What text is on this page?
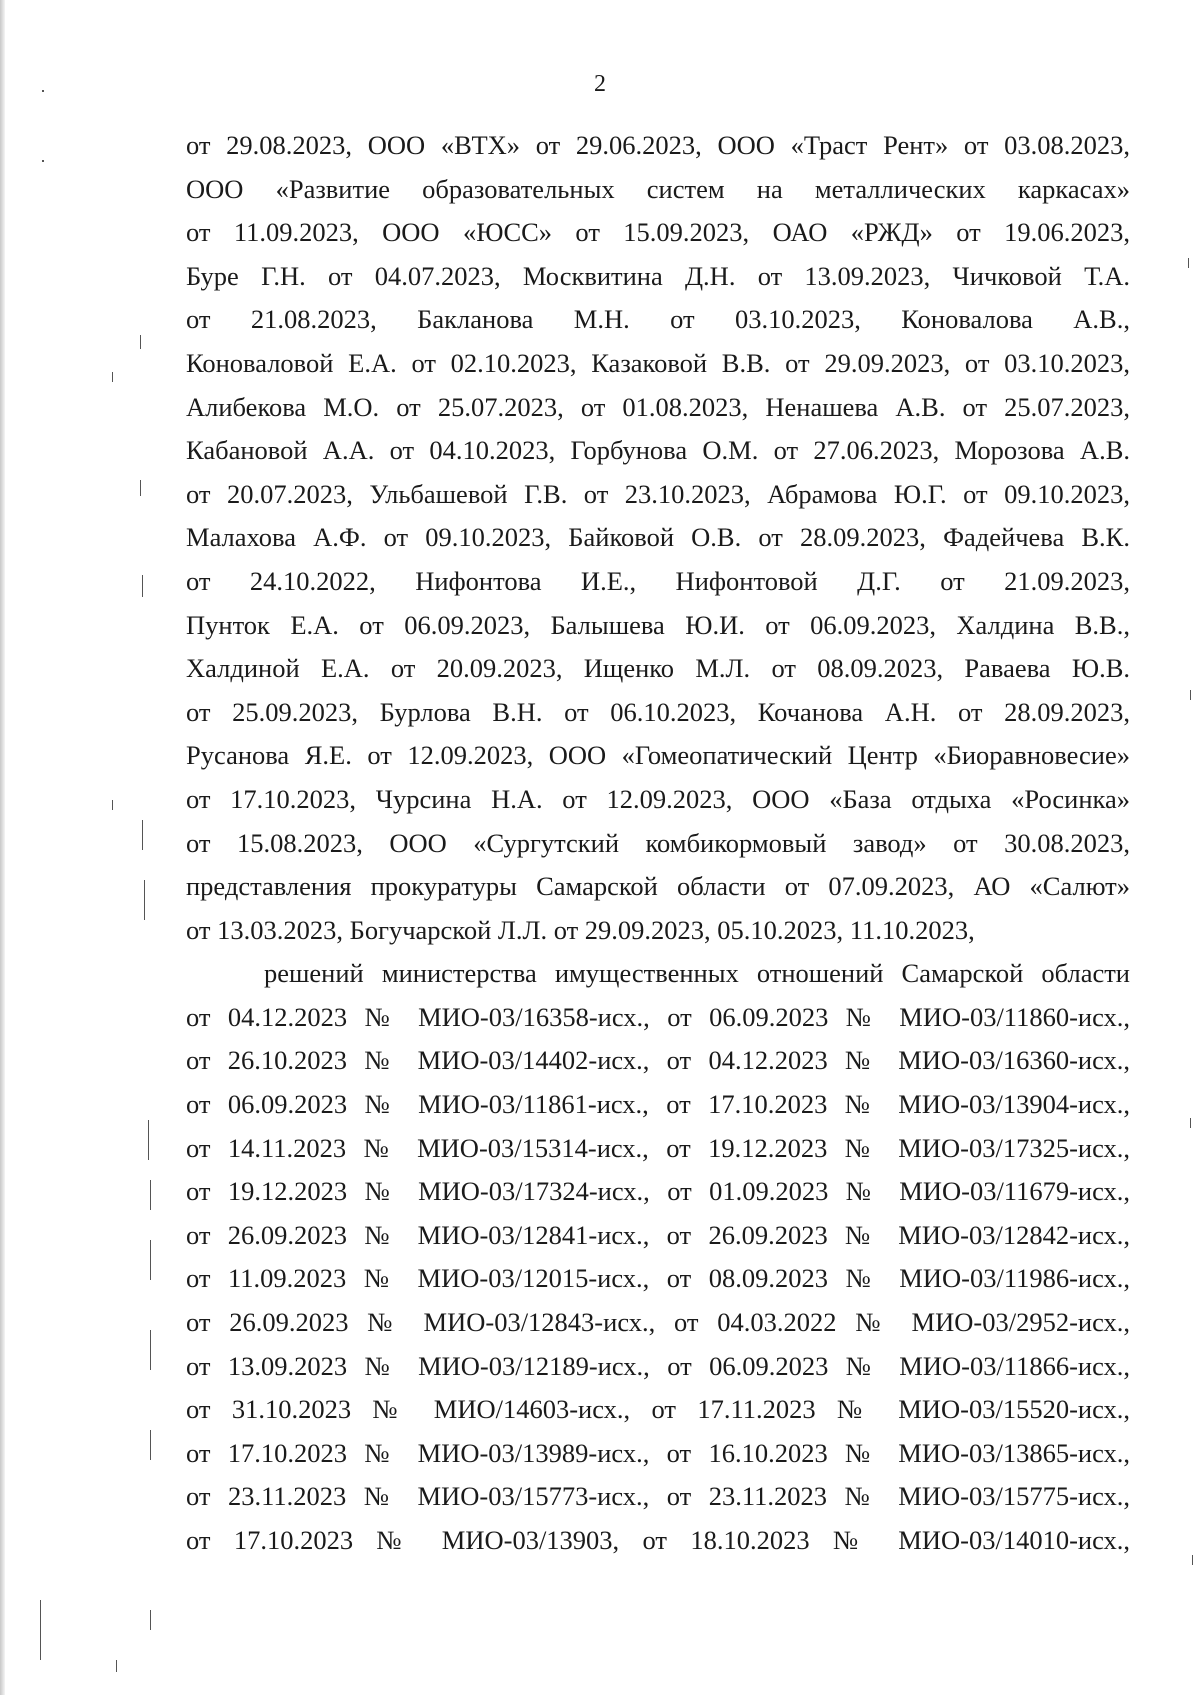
2

от 29.08.2023, ООО «ВТХ» от 29.06.2023, ООО «Траст Рент» от 03.08.2023,
ООО «Развитие образовательных систем на металлических каркасах»
от 11.09.2023, ООО «ЮСС» от 15.09.2023, ОАО «РЖД» от 19.06.2023,
Буре Г.Н. от 04.07.2023, Москвитина Д.Н. от 13.09.2023, Чичковой Т.А.
от 21.08.2023, Бакланова М.Н. от 03.10.2023, Коновалова А.В.,
Коноваловой Е.А. от 02.10.2023, Казаковой В.В. от 29.09.2023, от 03.10.2023,
Алибекова М.О. от 25.07.2023, от 01.08.2023, Ненашева А.В. от 25.07.2023,
Кабановой А.А. от 04.10.2023, Горбунова О.М. от 27.06.2023, Морозова А.В.
от 20.07.2023, Ульбашевой Г.В. от 23.10.2023, Абрамова Ю.Г. от 09.10.2023,
Малахова А.Ф. от 09.10.2023, Байковой О.В. от 28.09.2023, Фадейчева В.К.
от 24.10.2022, Нифонтова И.Е., Нифонтовой Д.Г. от 21.09.2023,
Пунток Е.А. от 06.09.2023, Балышева Ю.И. от 06.09.2023, Халдина В.В.,
Халдиной Е.А. от 20.09.2023, Ищенко М.Л. от 08.09.2023, Раваева Ю.В.
от 25.09.2023, Бурлова В.Н. от 06.10.2023, Кочанова А.Н. от 28.09.2023,
Русанова Я.Е. от 12.09.2023, ООО «Гомеопатический Центр «Биоравновесие»
от 17.10.2023, Чурсина Н.А. от 12.09.2023, ООО «База отдыха «Росинка»
от 15.08.2023, ООО «Сургутский комбикормовый завод» от 30.08.2023,
представления прокуратуры Самарской области от 07.09.2023, АО «Салют»
от 13.03.2023, Богучарской Л.Л. от 29.09.2023, 05.10.2023, 11.10.2023,

решений министерства имущественных отношений Самарской области
от 04.12.2023 № МИО-03/16358-исх., от 06.09.2023 № МИО-03/11860-исх.,
от 26.10.2023 № МИО-03/14402-исх., от 04.12.2023 № МИО-03/16360-исх.,
от 06.09.2023 № МИО-03/11861-исх., от 17.10.2023 № МИО-03/13904-исх.,
от 14.11.2023 № МИО-03/15314-исх., от 19.12.2023 № МИО-03/17325-исх.,
от 19.12.2023 № МИО-03/17324-исх., от 01.09.2023 № МИО-03/11679-исх.,
от 26.09.2023 № МИО-03/12841-исх., от 26.09.2023 № МИО-03/12842-исх.,
от 11.09.2023 № МИО-03/12015-исх., от 08.09.2023 № МИО-03/11986-исх.,
от 26.09.2023 № МИО-03/12843-исх., от 04.03.2022 № МИО-03/2952-исх.,
от 13.09.2023 № МИО-03/12189-исх., от 06.09.2023 № МИО-03/11866-исх.,
от 31.10.2023 № МИО/14603-исх., от 17.11.2023 № МИО-03/15520-исх.,
от 17.10.2023 № МИО-03/13989-исх., от 16.10.2023 № МИО-03/13865-исх.,
от 23.11.2023 № МИО-03/15773-исх., от 23.11.2023 № МИО-03/15775-исх.,
от 17.10.2023 № МИО-03/13903, от 18.10.2023 № МИО-03/14010-исх.,
